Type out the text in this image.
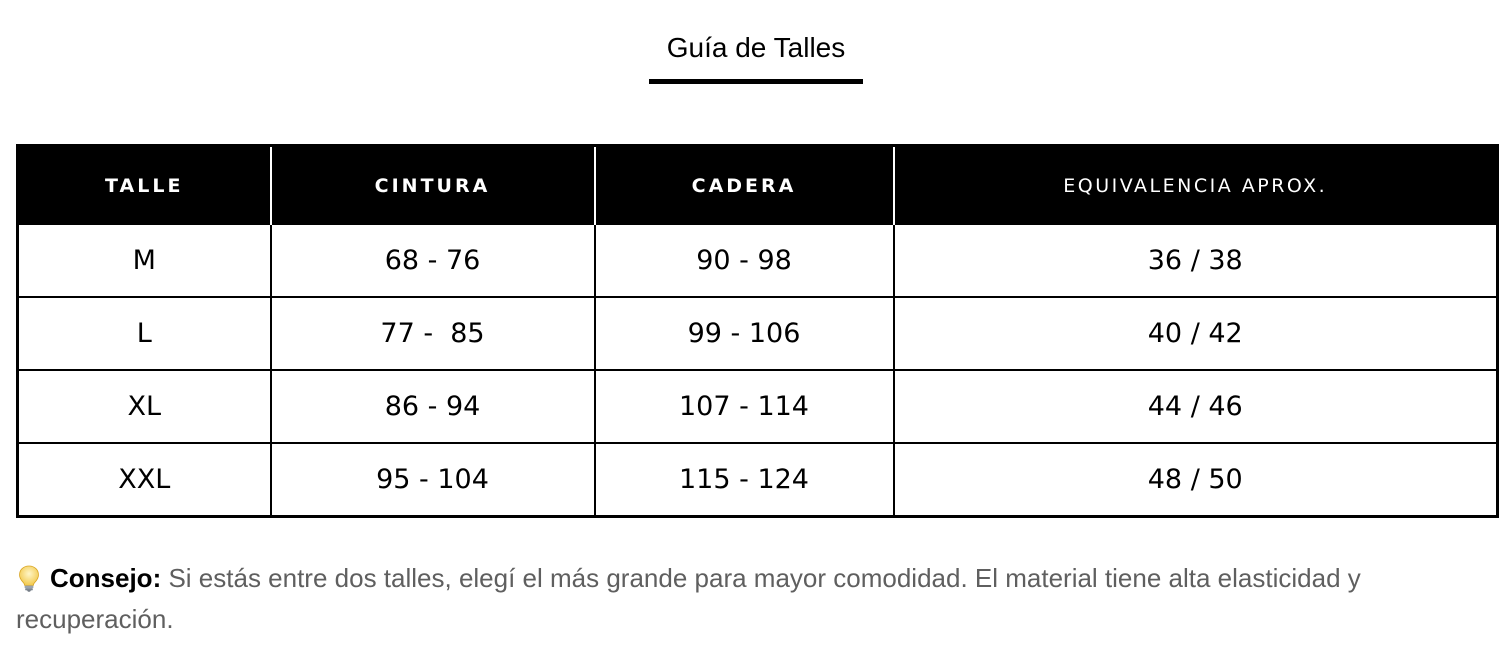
Guía de Talles
TALLE	CINTURA	CADERA	EQUIVALENCIA APROX.
M	68 - 76	90 - 98	36 / 38
L	77 -  85	99 - 106	40 / 42
XL	86 - 94	107 - 114	44 / 46
XXL	95 - 104	115 - 124	48 / 50
Consejo: Si estás entre dos talles, elegí el más grande para mayor comodidad. El material tiene alta elasticidad y recuperación.
